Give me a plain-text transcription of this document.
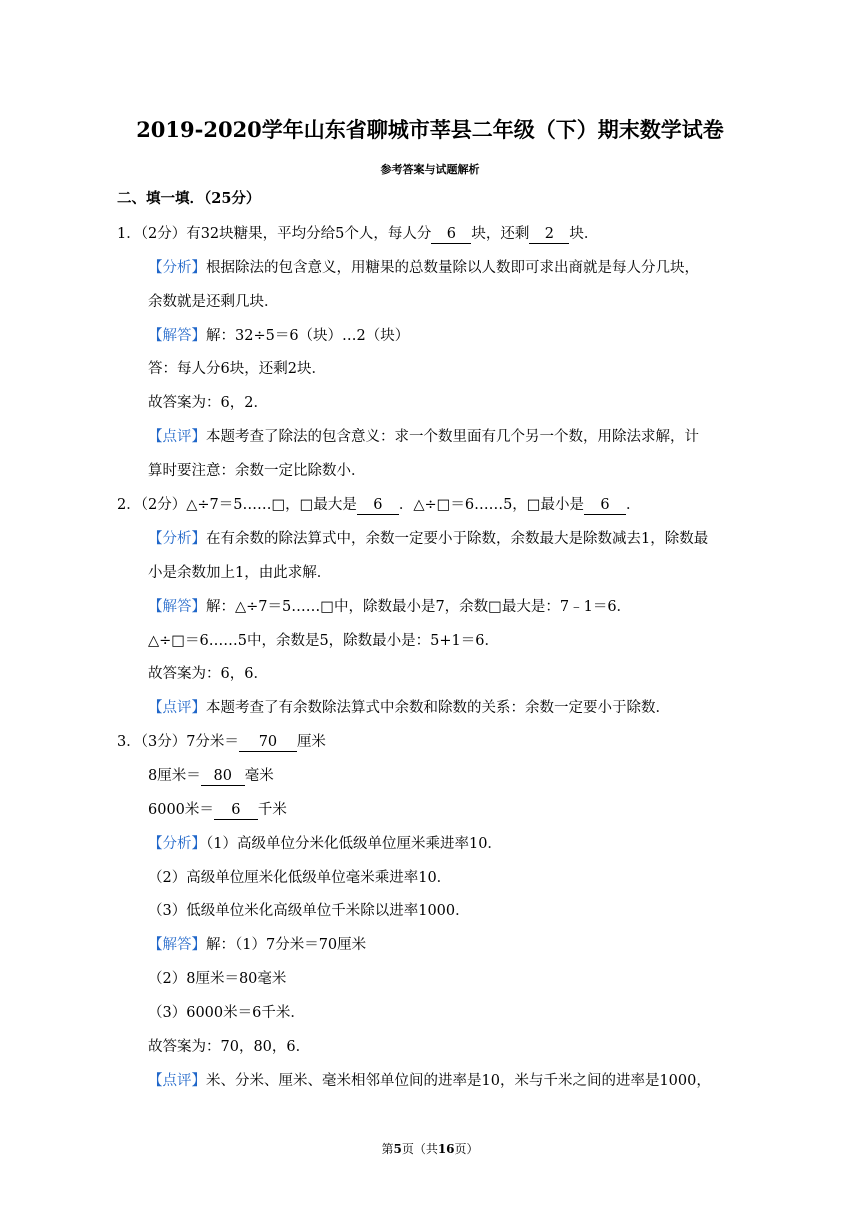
2019-2020学年山东省聊城市莘县二年级（下）期末数学试卷
参考答案与试题解析
二、填一填．（25分）
1．（2分）有32块糖果，平均分给5个人，每人分 6 块，还剩 2 块．
【分析】根据除法的包含意义，用糖果的总数量除以人数即可求出商就是每人分几块，
余数就是还剩几块．
【解答】解：32÷5＝6（块）…2（块）
答：每人分6块，还剩2块．
故答案为：6，2．
【点评】本题考查了除法的包含意义：求一个数里面有几个另一个数，用除法求解，计
算时要注意：余数一定比除数小．
2．（2分）△÷7＝5……□，□最大是 6 ．△÷□＝6……5，□最小是 6 ．
【分析】在有余数的除法算式中，余数一定要小于除数，余数最大是除数减去1，除数最
小是余数加上1，由此求解．
【解答】解：△÷7＝5……□中，除数最小是7，余数□最大是：7﹣1＝6．
△÷□＝6……5中，余数是5，除数最小是：5+1＝6．
故答案为：6，6．
【点评】本题考查了有余数除法算式中余数和除数的关系：余数一定要小于除数．
3．（3分）7分米＝ 70 厘米
8厘米＝ 80 毫米
6000米＝ 6 千米
【分析】（1）高级单位分米化低级单位厘米乘进率10．
（2）高级单位厘米化低级单位毫米乘进率10．
（3）低级单位米化高级单位千米除以进率1000．
【解答】解：（1）7分米＝70厘米
（2）8厘米＝80毫米
（3）6000米＝6千米．
故答案为：70，80，6．
【点评】米、分米、厘米、毫米相邻单位间的进率是10，米与千米之间的进率是1000，
第5页（共16页）
